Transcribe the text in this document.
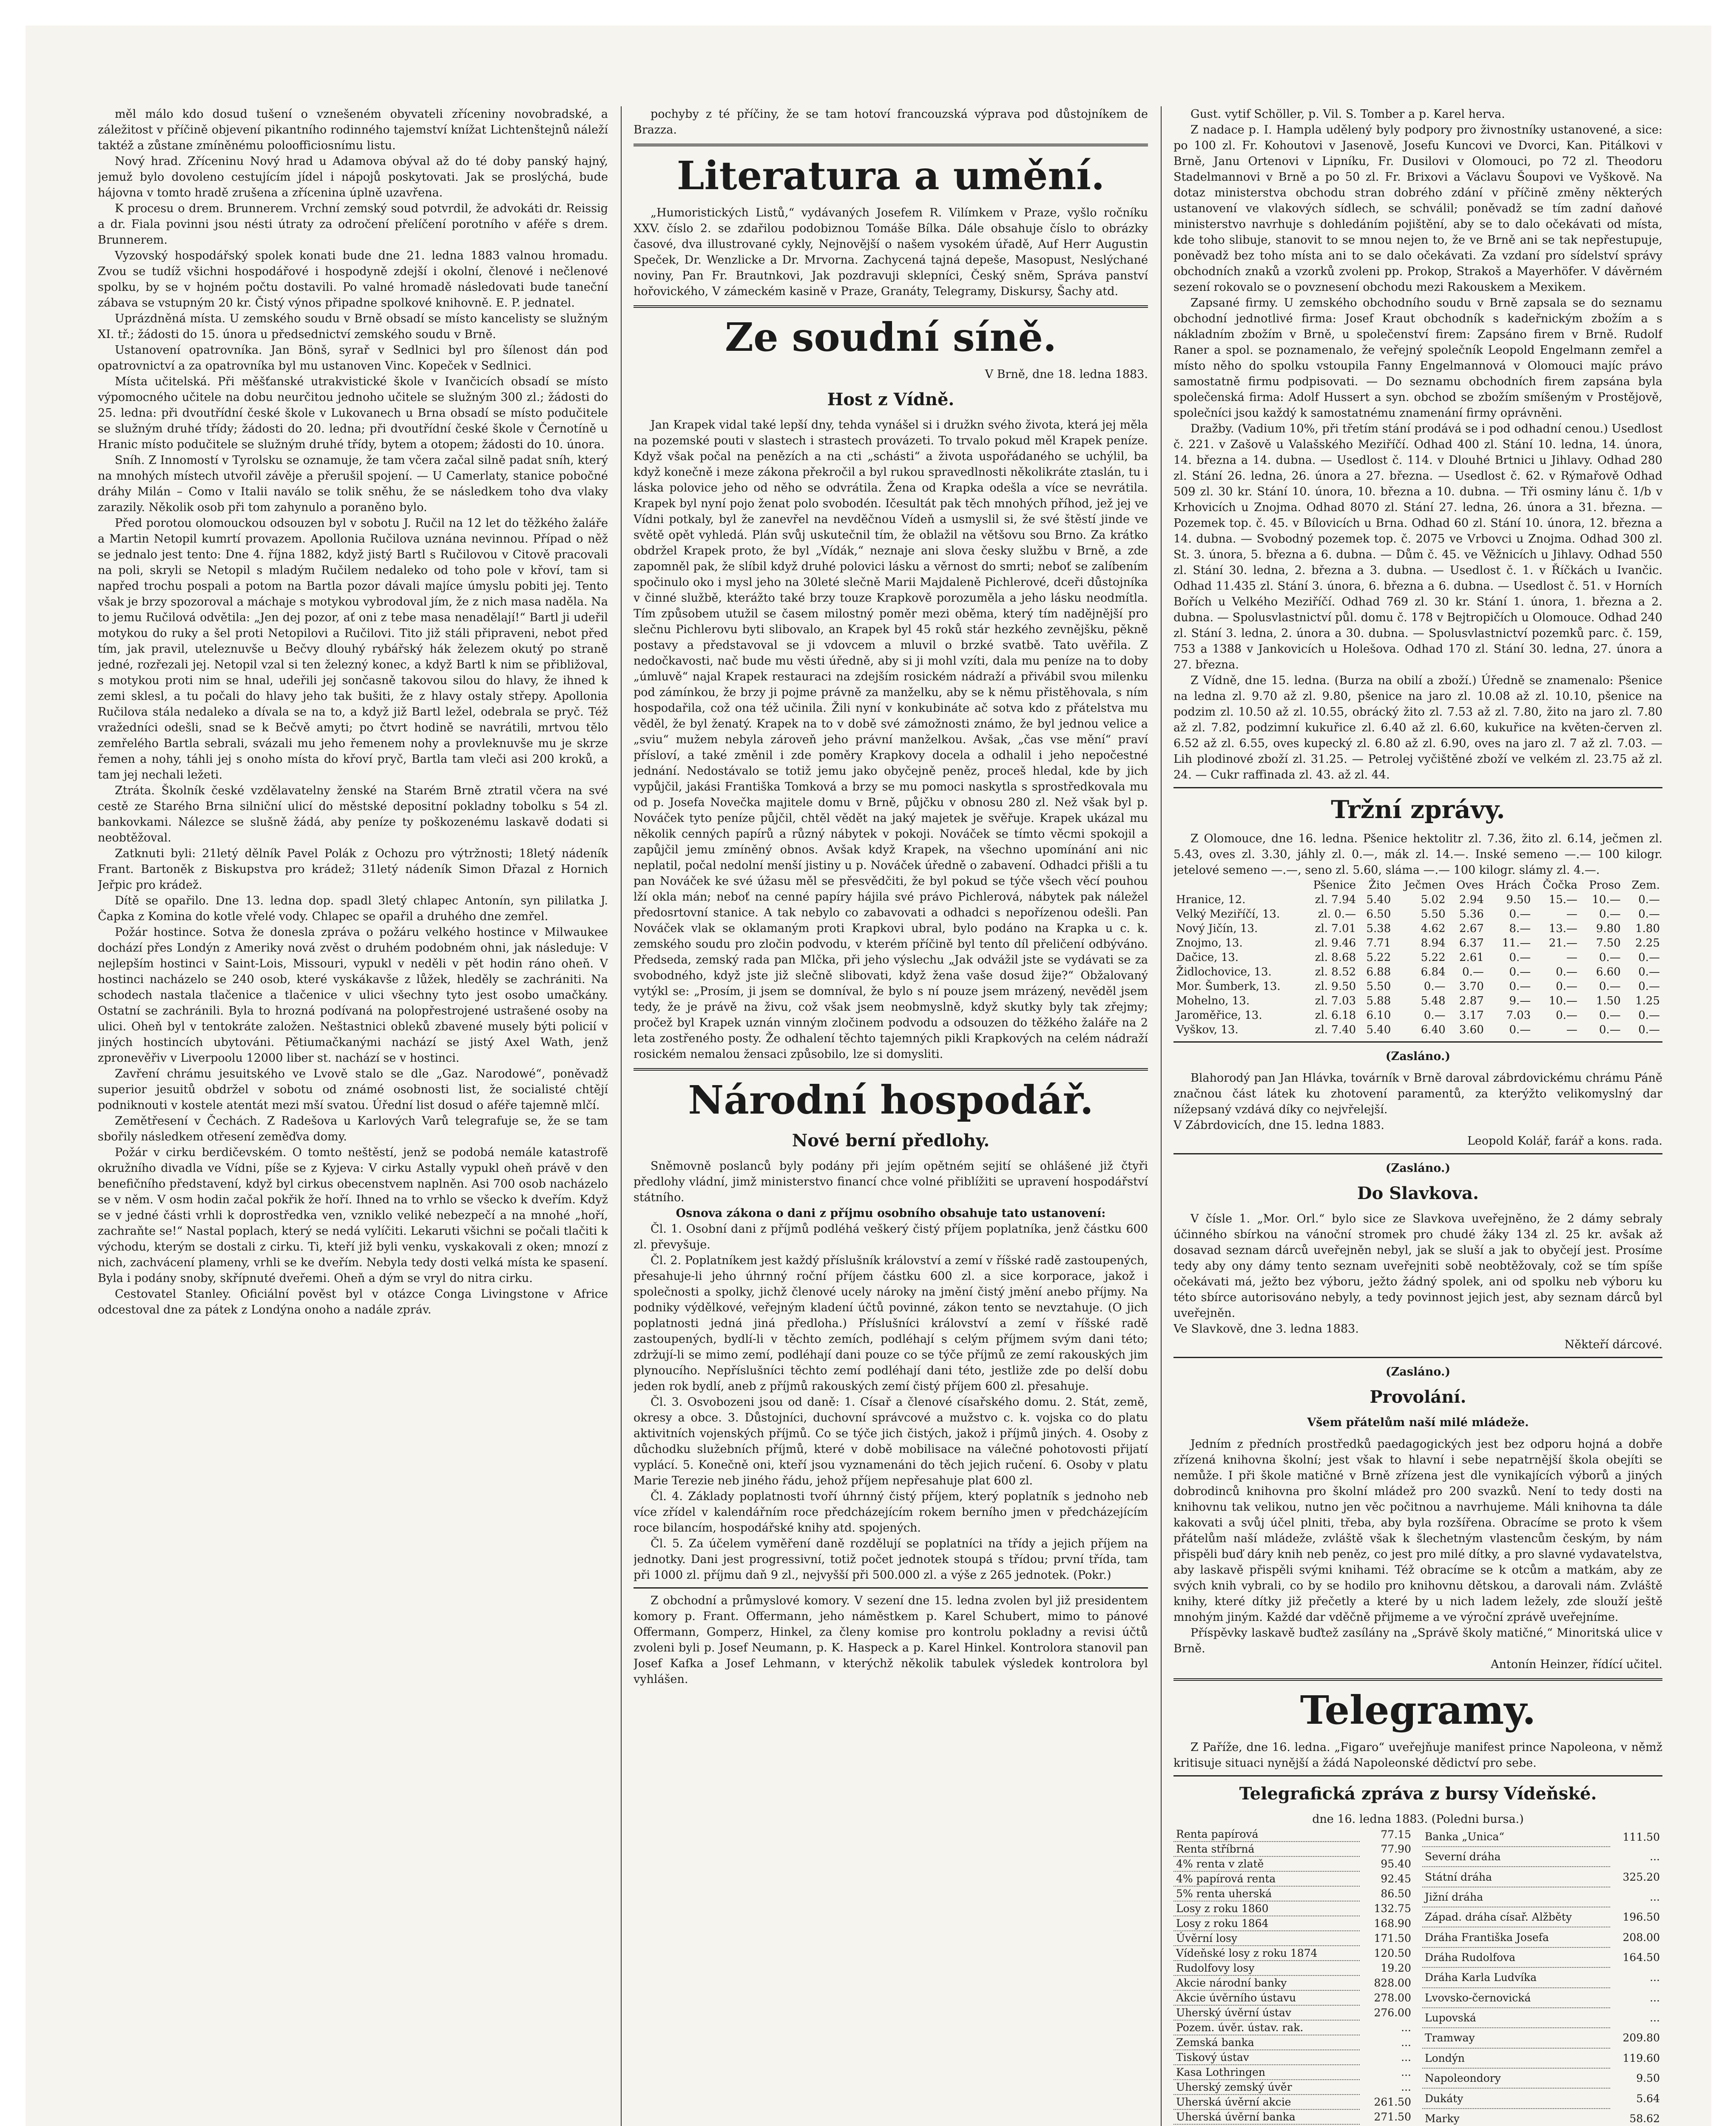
měl málo kdo dosud tušení o vznešeném obyvateli zříceniny novobradské, a záležitost v příčině objevení pikantního rodinného tajemství knížat Lichtenštejnů náleží taktéž a zůstane zmíněnému poloofficiosnímu listu.

Nový hrad. Zříceninu Nový hrad u Adamova obýval až do té doby panský hajný, jemuž bylo dovoleno cestujícím jídel i nápojů poskytovati. Jak se proslýchá, bude hájovna v tomto hradě zrušena a zřícenina úplně uzavřena.

K procesu o drem. Brunnerem. Vrchní zemský soud potvrdil, že advokáti dr. Reissig a dr. Fiala povinni jsou nésti útraty za odročení přelíčení porotního v aféře s drem. Brunnerem.

Vyzovský hospodářský spolek konati bude dne 21. ledna 1883 valnou hromadu. Zvou se tudíž všichni hospodářové i hospodyně zdejší i okolní, členové i nečlenové spolku, by se v hojném počtu dostavili. Po valné hromadě následovati bude taneční zábava se vstupným 20 kr. Čistý výnos připadne spolkové knihovně. E. P. jednatel.

Uprázdněná místa. U zemského soudu v Brně obsadí se místo kancelisty se služným XI. tř.; žádosti do 15. února u předsednictví zemského soudu v Brně.

Ustanovení opatrovníka. Jan Bönš, syrař v Sedlnici byl pro šílenost dán pod opatrovnictví a za opatrovníka byl mu ustanoven Vinc. Kopeček v Sedlnici.

Místa učitelská. Při měšťanské utrakvistické škole v Ivančicích obsadí se místo výpomocného učitele na dobu neurčitou jednoho učitele se služným 300 zl.; žádosti do 25. ledna: při dvoutřídní české škole v Lukovanech u Brna obsadí se místo podučitele se služným druhé třídy; žádosti do 20. ledna; při dvoutřídní české škole v Černotíně u Hranic místo podučitele se služným druhé třídy, bytem a otopem; žádosti do 10. února.

Sníh. Z Innomostí v Tyrolsku se oznamuje, že tam včera začal silně padat sníh, který na mnohých místech utvořil závěje a přerušil spojení. — U Camerlaty, stanice pobočné dráhy Milán – Como v Italii naválo se tolik sněhu, že se následkem toho dva vlaky zarazily. Několik osob při tom zahynulo a poraněno bylo.

Před porotou olomouckou odsouzen byl v sobotu J. Ručil na 12 let do těžkého žaláře a Martin Netopil kumrtí provazem. Apollonia Ručilova uznána nevinnou. Případ o něž se jednalo jest tento: Dne 4. října 1882, když jistý Bartl s Ručilovou v Citově pracovali na poli, skryli se Netopil s mladým Ručilem nedaleko od toho pole v křoví, tam si napřed trochu pospali a potom na Bartla pozor dávali majíce úmyslu pobiti jej. Tento však je brzy spozoroval a máchaje s motykou vybrodoval jím, že z nich masa naděla. Na to jemu Ručilová odvětila: „Jen dej pozor, ať oni z tebe masa nenadělají!“ Bartl ji udeřil motykou do ruky a šel proti Netopilovi a Ručilovi. Tito již stáli připraveni, nebot před tím, jak pravil, uteleznuvše u Bečvy dlouhý rybářský hák železem okutý po straně jedné, rozřezali jej. Netopil vzal si ten železný konec, a když Bartl k nim se přibližoval, s motykou proti nim se hnal, udeřili jej sončasně takovou silou do hlavy, že ihned k zemi sklesl, a tu počali do hlavy jeho tak bušiti, že z hlavy ostaly střepy. Apollonia Ručilova stála nedaleko a dívala se na to, a když již Bartl ležel, odebrala se pryč. Též vražedníci odešli, snad se k Bečvě amyti; po čtvrt hodině se navrátili, mrtvou tělo zemřelého Bartla sebrali, svázali mu jeho řemenem nohy a provleknuvše mu je skrze řemen a nohy, táhli jej s onoho místa do křoví pryč, Bartla tam vleči asi 200 kroků, a tam jej nechali ležeti.

Ztráta. Školník české vzdělavatelny ženské na Starém Brně ztratil včera na své cestě ze Starého Brna silniční ulicí do městské depositní pokladny tobolku s 54 zl. bankovkami. Nálezce se slušně žádá, aby peníze ty poškozenému laskavě dodati si neobtěžoval.

Zatknuti byli: 21letý dělník Pavel Polák z Ochozu pro výtržnosti; 18letý nádeník Frant. Bartoněk z Biskupstva pro krádež; 31letý nádeník Simon Dřazal z Hornich Jeřpic pro krádež.

Dítě se opařilo. Dne 13. ledna dop. spadl 3letý chlapec Antonín, syn pililatka J. Čapka z Komina do kotle vřelé vody. Chlapec se opařil a druhého dne zemřel.

Požár hostince. Sotva že donesla zpráva o požáru velkého hostince v Milwaukee dochází přes Londýn z Ameriky nová zvěst o druhém podobném ohni, jak následuje: V nejlepším hostinci v Saint-Lois, Missouri, vypukl v neděli v pět hodin ráno oheň. V hostinci nacházelo se 240 osob, které vyskákavše z lůžek, hleděly se zachrániti. Na schodech nastala tlačenice a tlačenice v ulici všechny tyto jest osobo umačkány. Ostatní se zachránili. Byla to hrozná podívaná na polopřestrojené ustrašené osoby na ulici. Oheň byl v tentokráte založen. Neštastnici obleků zbavené musely býti policií v jiných hostincích ubytováni. Pětiumačkanými nachází se jistý Axel Wath, jenž zpronevěřiv v Liverpoolu 12000 liber st. nachází se v hostinci.

Zavření chrámu jesuitského ve Lvově stalo se dle „Gaz. Narodowé“, poněvadž superior jesuitů obdržel v sobotu od známé osobnosti list, že socialisté chtějí podniknouti v kostele atentát mezi mší svatou. Úřední list dosud o aféře tajemně mlčí.

Zemětřesení v Čechách. Z Radešova u Karlových Varů telegrafuje se, že se tam sbořily následkem otřesení zeměďva domy.

Požár v cirku berdičevském. O tomto neštěstí, jenž se podobá nemále katastrofě okružního divadla ve Vídni, píše se z Kyjeva: V cirku Astally vypukl oheň právě v den benefičního představení, když byl cirkus obecenstvem naplněn. Asi 700 osob nacházelo se v něm. V osm hodin začal pokřik že hoří. Ihned na to vrhlo se všecko k dveřím. Když se v jedné části vrhli k doprostředka ven, vzniklo veliké nebezpečí a na mnohé „hoří, zachraňte se!“ Nastal poplach, který se nedá vylíčiti. Lekaruti všichni se počali tlačiti k východu, kterým se dostali z cirku. Ti, kteří již byli venku, vyskakovali z oken; mnozí z nich, zachvácení plameny, vrhli se ke dveřím. Nebyla tedy dosti velká místa ke spasení. Byla i podány snoby, skřípnuté dveřemi. Oheň a dým se vryl do nitra cirku.

Cestovatel Stanley. Oficiální pověst byl v otázce Conga Livingstone v Africe odcestoval dne za pátek z Londýna onoho a nadále zpráv.

pochyby z té příčiny, že se tam hotoví francouzská výprava pod důstojníkem de Brazza.

Literatura a umění.

„Humoristických Listů,“ vydávaných Josefem R. Vilímkem v Praze, vyšlo ročníku XXV. číslo 2. se zdařilou podobiznou Tomáše Bílka. Dále obsahuje číslo to obrázky časové, dva illustrované cykly, Nejnovější o našem vysokém úřadě, Auf Herr Augustin Speček, Dr. Wenzlicke a Dr. Mrvorna. Zachycená tajná depeše, Masopust, Neslýchané noviny, Pan Fr. Brautnkovi, Jak pozdravuji sklepníci, Český sněm, Správa panství hořovického, V zámeckém kasině v Praze, Granáty, Telegramy, Diskursy, Šachy atd.

Ze soudní síně.
V Brně, dne 18. ledna 1883.
Host z Vídně.

Jan Krapek vidal také lepší dny, tehda vynášel si i družkn svého života, která jej měla na pozemské pouti v slastech i strastech provázeti. To trvalo pokud měl Krapek peníze. Když však počal na penězích a na cti „schásti“ a života uspořádaného se uchýlil, ba když konečně i meze zákona překročil a byl rukou spravedlnosti několikráte ztaslán, tu i láska polovice jeho od něho se odvrátila. Žena od Krapka odešla a více se nevrátila. Krapek byl nyní pojo ženat polo svobodén. Ičesultát pak těch mnohých příhod, jež jej ve Vídni potkaly, byl že zanevřel na nevděčnou Vídeň a usmyslil si, že své štěstí jinde ve světě opět vyhledá. Plán svůj uskutečnil tím, že oblažil na většovu sou Brno. Za krátko obdržel Krapek proto, že byl „Vídák,“ neznaje ani slova česky službu v Brně, a zde zapomněl pak, že slíbil když druhé polovici lásku a věrnost do smrti; neboť se zalíbením spočinulo oko i mysl jeho na 30leté slečně Marii Majdaleně Pichlerové, dceři důstojníka v činné službě, kterážto také brzy touze Krapkově porozuměla a jeho lásku neodmítla. Tím způsobem utužil se časem milostný poměr mezi oběma, který tím nadějnější pro slečnu Pichlerovu byti slibovalo, an Krapek byl 45 roků stár hezkého zevnějšku, pěkně postavy a představoval se ji vdovcem a mluvil o brzké svatbě. Tato uvěřila. Z nedočkavosti, nač bude mu věsti úředně, aby si ji mohl vzíti, dala mu peníze na to doby „úmluvě“ najal Krapek restauraci na zdejším rosickém nádraží a přivábil svou milenku pod zámínkou, že brzy ji pojme právně za manželku, aby se k němu přistěhovala, s ním hospodařila, což ona též učinila. Žili nyní v konkubináte ač sotva kdo z přátelstva mu věděl, že byl ženatý. Krapek na to v době své zámožnosti známo, že byl jednou velice a „sviu“ mužem nebyla zároveň jeho právní manželkou. Avšak, „čas vse mění“ praví přísloví, a také změnil i zde poměry Krapkovy docela a odhalil i jeho nepočestné jednání. Nedostávalo se totiž jemu jako obyčejně peněz, proceš hledal, kde by jich vypůjčil, jakási Františka Tomková a brzy se mu pomoci naskytla s sprostředkovala mu od p. Josefa Novečka majitele domu v Brně, půjčku v obnosu 280 zl. Než však byl p. Nováček tyto peníze půjčil, chtěl vědět na jaký majetek je svěřuje. Krapek ukázal mu několik cenných papírů a různý nábytek v pokoji. Nováček se tímto věcmi spokojil a zapůjčil jemu zmíněný obnos. Avšak když Krapek, na všechno upomínání ani nic neplatil, počal nedolní menší jistiny u p. Nováček úředně o zabavení. Odhadci přišli a tu pan Nováček ke své úžasu měl se přesvědčiti, že byl pokud se týče všech věcí pouhou lží okla mán; neboť na cenné papíry hájila své právo Pichlerová, nábytek pak náležel předosrtovní stanice. A tak nebylo co zabavovati a odhadci s nepořízenou odešli. Pan Nováček vlak se oklamaným proti Krapkovi ubral, bylo podáno na Krapka u c. k. zemského soudu pro zločin podvodu, v kterém příčině byl tento díl přeličení odbýváno. Předseda, zemský rada pan Mlčka, při jeho výslechu „Jak odvážil jste se vydávati se za svobodného, když jste již slečně slibovati, když žena vaše dosud žije?“ Obžalovaný vytýkl se: „Prosím, ji jsem se domníval, že bylo s ní pouze jsem mrázený, nevěděl jsem tedy, že je právě na živu, což však jsem neobmyslně, když skutky byly tak zřejmy; pročež byl Krapek uznán vinným zločinem podvodu a odsouzen do těžkého žaláře na 2 leta zostřeného posty. Že odhalení těchto tajemných pikli Krapkových na celém nádraží rosickém nemalou žensaci způsobilo, lze si domysliti.

Národní hospodář.
Nové berní předlohy.

Sněmovně poslanců byly podány při jejím opětném sejití se ohlášené již čtyři předlohy vládní, jimž ministerstvo financí chce volné přiblížiti se upravení hospodářství státního.

Osnova zákona o dani z příjmu osobního obsahuje tato ustanovení:

Čl. 1. Osobní dani z příjmů podléhá veškerý čistý příjem poplatníka, jenž částku 600 zl. převyšuje.

Čl. 2. Poplatníkem jest každý příslušník království a zemí v říšské radě zastoupených, přesahuje-li jeho úhrnný roční příjem částku 600 zl. a sice korporace, jakož i společnosti a spolky, jichž členové ucely nároky na jmění čistý jmění anebo příjmy. Na podniky výdělkové, veřejným kladení účtů povinné, zákon tento se nevztahuje. (O jich poplatnosti jedná jiná předloha.) Příslušníci království a zemí v říšské radě zastoupených, bydlí-li v těchto zemích, podléhají s celým příjmem svým dani této; zdržují-li se mimo zemí, podléhají dani pouze co se týče příjmů ze zemí rakouských jim plynoucího. Nepříslušníci těchto zemí podléhají dani této, jestliže zde po delší dobu jeden rok bydlí, aneb z příjmů rakouských zemí čistý příjem 600 zl. přesahuje.

Čl. 3. Osvobozeni jsou od daně: 1. Císař a členové císařského domu. 2. Stát, země, okresy a obce. 3. Důstojníci, duchovní správcové a mužstvo c. k. vojska co do platu aktivitních vojenských příjmů. Co se týče jich čistých, jakož i příjmů jiných. 4. Osoby z důchodku služebních příjmů, které v době mobilisace na válečné pohotovosti přijatí vyplácí. 5. Konečně oni, kteří jsou vyznamenáni do těch jejich ručení. 6. Osoby v platu Marie Terezie neb jiného řádu, jehož příjem nepřesahuje plat 600 zl.

Čl. 4. Základy poplatnosti tvoří úhrnný čistý příjem, který poplatník s jednoho neb více zřídel v kalendářním roce předcházejícím rokem berního jmen v předcházejícím roce bilancím, hospodářské knihy atd. spojených.

Čl. 5. Za účelem vyměření daně rozdělují se poplatníci na třídy a jejich příjem na jednotky. Dani jest progressivní, totiž počet jednotek stoupá s třídou; první třída, tam při 1000 zl. příjmu daň 9 zl., nejvyšší při 500.000 zl. a výše z 265 jednotek. (Pokr.)

Z obchodní a průmyslové komory. V sezení dne 15. ledna zvolen byl již presidentem komory p. Frant. Offermann, jeho náměstkem p. Karel Schubert, mimo to pánové Offermann, Gomperz, Hinkel, za členy komise pro kontrolu pokladny a revisi účtů zvoleni byli p. Josef Neumann, p. K. Haspeck a p. Karel Hinkel. Kontrolora stanovil pan Josef Kafka a Josef Lehmann, v kterýchž několik tabulek výsledek kontrolora byl vyhlášen.

Gust. vytif Schöller, p. Vil. S. Tomber a p. Karel herva.

Z nadace p. I. Hampla udělený byly podpory pro živnostníky ustanovené, a sice: po 100 zl. Fr. Kohoutovi v Jasenově, Josefu Kuncovi ve Dvorci, Kan. Pitálkovi v Brně, Janu Ortenovi v Lipníku, Fr. Dusilovi v Olomouci, po 72 zl. Theodoru Stadelmannovi v Brně a po 50 zl. Fr. Brixovi a Václavu Šoupovi ve Vyškově. Na dotaz ministerstva obchodu stran dobrého zdání v příčině změny některých ustanovení ve vlakových sídlech, se schválil; poněvadž se tím zadní daňové ministerstvo navrhuje s dohledáním pojištění, aby se to dalo očekávati od místa, kde toho slibuje, stanovit to se mnou nejen to, že ve Brně ani se tak nepřestupuje, poněvadž bez toho místa ani to se dalo očekávati. Za vzdaní pro sídelství správy obchodních znaků a vzorků zvoleni pp. Prokop, Strakoš a Mayerhöfer. V dávěrném sezení rokovalo se o povznesení obchodu mezi Rakouskem a Mexikem.

Zapsané firmy. U zemského obchodního soudu v Brně zapsala se do seznamu obchodní jednotlivé firma: Josef Kraut obchodník s kadeřnickým zbožím a s nákladním zbožím v Brně, u společenství firem: Zapsáno firem v Brně. Rudolf Raner a spol. se poznamenalo, že veřejný společník Leopold Engelmann zemřel a místo něho do spolku vstoupila Fanny Engelmannová v Olomouci majíc právo samostatně firmu podpisovati. — Do seznamu obchodních firem zapsána byla společenská firma: Adolf Hussert a syn. obchod se zbožím smíšeným v Prostějově, společníci jsou každý k samostatnému znamenání firmy oprávněni.

Dražby. (Vadium 10%, při třetím stání prodává se i pod odhadní cenou.) Usedlost č. 221. v Zašově u Valašského Meziříčí. Odhad 400 zl. Stání 10. ledna, 14. února, 14. března a 14. dubna. — Usedlost č. 114. v Dlouhé Brtnici u Jihlavy. Odhad 280 zl. Stání 26. ledna, 26. února a 27. března. — Usedlost č. 62. v Rýmařově Odhad 509 zl. 30 kr. Stání 10. února, 10. března a 10. dubna. — Tři osminy lánu č. 1/b v Krhovicích u Znojma. Odhad 8070 zl. Stání 27. ledna, 26. února a 31. března. — Pozemek top. č. 45. v Bílovicích u Brna. Odhad 60 zl. Stání 10. února, 12. března a 14. dubna. — Svobodný pozemek top. č. 2075 ve Vrbovci u Znojma. Odhad 300 zl. St. 3. února, 5. března a 6. dubna. — Dům č. 45. ve Věžnicích u Jihlavy. Odhad 550 zl. Stání 30. ledna, 2. března a 3. dubna. — Usedlost č. 1. v Říčkách u Ivančic. Odhad 11.435 zl. Stání 3. února, 6. března a 6. dubna. — Usedlost č. 51. v Horních Bořích u Velkého Meziříčí. Odhad 769 zl. 30 kr. Stání 1. února, 1. března a 2. dubna. — Spolusvlastnictví půl. domu č. 178 v Bejtropičích u Olomouce. Odhad 240 zl. Stání 3. ledna, 2. února a 30. dubna. — Spolusvlastnictví pozemků parc. č. 159, 753 a 1388 v Jankovicích u Holešova. Odhad 170 zl. Stání 30. ledna, 27. února a 27. března.

Z Vídně, dne 15. ledna. (Burza na obilí a zboží.) Úředně se znamenalo: Pšenice na ledna zl. 9.70 až zl. 9.80, pšenice na jaro zl. 10.08 až zl. 10.10, pšenice na podzim zl. 10.50 až zl. 10.55, obrácký žito zl. 7.53 až zl. 7.80, žito na jaro zl. 7.80 až zl. 7.82, podzimní kukuřice zl. 6.40 až zl. 6.60, kukuřice na květen-červen zl. 6.52 až zl. 6.55, oves kupecký zl. 6.80 až zl. 6.90, oves na jaro zl. 7 až zl. 7.03. — Lih plodinové zboží zl. 31.25. — Petrolej vyčištěné zboží ve velkém zl. 23.75 až zl. 24. — Cukr raffinada zl. 43. až zl. 44.

Tržní zprávy.

Z Olomouce, dne 16. ledna. Pšenice hektolitr zl. 7.36, žito zl. 6.14, ječmen zl. 5.43, oves zl. 3.30, jáhly zl. 0.—, mák zl. 14.—. Inské semeno —.— 100 kilogr. jetelové semeno —.—, seno zl. 5.60, sláma —.— 100 kilogr. slámy zl. 4.—.

	Pšenice	Žito	Ječmen	Oves	Hrách	Čočka	Proso	Zem.
Hranice, 12.	zl. 7.94	5.40	5.02	2.94	9.50	15.—	10.—	0.—
Velký Meziříčí, 13.	zl. 0.—	6.50	5.50	5.36	0.—	—	0.—	0.—
Nový Jičín, 13.	zl. 7.01	5.38	4.62	2.67	8.—	13.—	9.80	1.80
Znojmo, 13.	zl. 9.46	7.71	8.94	6.37	11.—	21.—	7.50	2.25
Dačice, 13.	zl. 8.68	5.22	5.22	2.61	0.—	—	0.—	0.—
Židlochovice, 13.	zl. 8.52	6.88	6.84	0.—	0.—	0.—	6.60	0.—
Mor. Šumberk, 13.	zl. 9.50	5.50	0.—	3.70	0.—	0.—	0.—	0.—
Mohelno, 13.	zl. 7.03	5.88	5.48	2.87	9.—	10.—	1.50	1.25
Jaroměřice, 13.	zl. 6.18	6.10	0.—	3.17	7.03	0.—	0.—	0.—
Vyškov, 13.	zl. 7.40	5.40	6.40	3.60	0.—	—	0.—	0.—
(Zasláno.)

Blahorodý pan Jan Hlávka, továrník v Brně daroval zábrdovickému chrámu Páně značnou část látek ku zhotovení paramentů, za kterýžto velikomyslný dar nížepsaný vzdává díky co nejvřelejší.

V Zábrdovicích, dne 15. ledna 1883.
Leopold Kolář, farář a kons. rada.
(Zasláno.)
Do Slavkova.

V čísle 1. „Mor. Orl.“ bylo sice ze Slavkova uveřejněno, že 2 dámy sebraly účinného sbírkou na vánoční stromek pro chudé žáky 134 zl. 25 kr. avšak až dosavad seznam dárců uveřejněn nebyl, jak se sluší a jak to obyčejí jest. Prosíme tedy aby ony dámy tento seznam uveřejniti sobě neobtěžovaly, což se tím spíše očekávati má, ježto bez výboru, ježto žádný spolek, ani od spolku neb výboru ku této sbírce autorisováno nebyly, a tedy povinnost jejich jest, aby seznam dárců byl uveřejněn.

Ve Slavkově, dne 3. ledna 1883.
Někteří dárcové.
(Zasláno.)
Provolání.
Všem přátelům naší milé mládeže.

Jedním z předních prostředků paedagogických jest bez odporu hojná a dobře zřízená knihovna školní; jest však to hlavní i sebe nepatrnější škola obejíti se nemůže. I při škole matičné v Brně zřízena jest dle vynikajících výborů a jiných dobrodinců knihovna pro školní mládež pro 200 svazků. Není to tedy dosti na knihovnu tak velikou, nutno jen věc počitnou a navrhujeme. Máli knihovna ta dále kakovati a svůj účel plniti, třeba, aby byla rozšířena. Obracíme se proto k všem přátelům naší mládeže, zvláště však k šlechetným vlastencům českým, by nám přispěli buď dáry knih neb peněz, co jest pro milé dítky, a pro slavné vydavatelstva, aby laskavě přispěli svými knihami. Též obracíme se k otcům a matkám, aby ze svých knih vybrali, co by se hodilo pro knihovnu dětskou, a darovali nám. Zvláště knihy, které dítky již přečetly a které by u nich ladem ležely, zde slouží ještě mnohým jiným. Každé dar vděčně přijmeme a ve výroční zprávě uveřejníme.

Příspěvky laskavě buďtež zasílány na „Správě školy matičné,“ Minoritská ulice v Brně.

Antonín Heinzer, řídící učitel.
Telegramy.

Z Paříže, dne 16. ledna. „Figaro“ uveřejňuje manifest prince Napoleona, v němž kritisuje situaci nynější a žádá Napoleonské dědictví pro sebe.

Telegrafická zpráva z bursy Vídeňské.
dne 16. ledna 1883. (Poledni bursa.)
Renta papírová	77.15
Renta stříbrná	77.90
4% renta v zlatě	95.40
4% papírová renta	92.45
5% renta uherská	86.50
Losy z roku 1860	132.75
Losy z roku 1864	168.90
Úvěrní losy	171.50
Vídeňské losy z roku 1874	120.50
Rudolfovy losy	19.20
Akcie národní banky	828.00
Akcie úvěrního ústavu	278.00
Uherský úvěrní ústav	276.00
Pozem. úvěr. ústav. rak.	...
Zemská banka	...
Tiskový ústav	...
Kasa Lothringen	...
Uherský zemský úvěr	...
Uherská úvěrní akcie	261.50
Uherská úvěrní banka	271.50

Banka „Unica“	111.50
Severní dráha	...
Státní dráha	325.20
Jižní dráha	...
Západ. dráha císař. Alžběty	196.50
Dráha Františka Josefa	208.00
Dráha Rudolfova	164.50
Dráha Karla Ludvíka	...
Lvovsko-černovická	...
Lupovská	...
Tramway	209.80
Londýn	119.60
Napoleondory	9.50
Dukáty	5.64
Marky	58.62
